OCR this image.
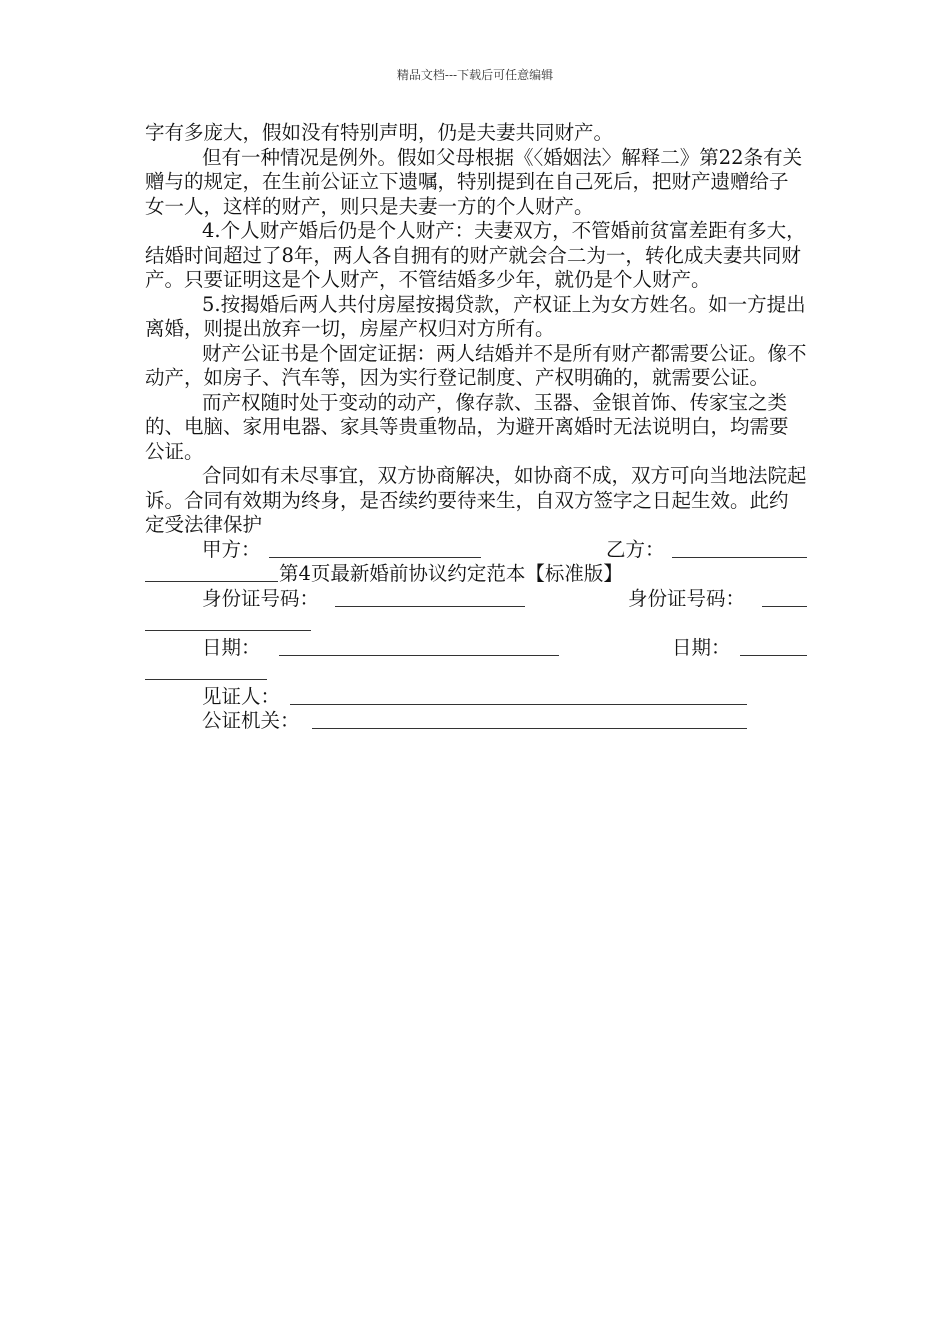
精品文档---下载后可任意编辑

字有多庞大，假如没有特别声明，仍是夫妻共同财产。

但有一种情况是例外。假如父母根据《〈婚姻法〉解释二》第22条有关赠与的规定，在生前公证立下遗嘱，特别提到在自己死后，把财产遗赠给子女一人，这样的财产，则只是夫妻一方的个人财产。

4.个人财产婚后仍是个人财产：夫妻双方，不管婚前贫富差距有多大，结婚时间超过了8年，两人各自拥有的财产就会合二为一，转化成夫妻共同财产。只要证明这是个人财产，不管结婚多少年，就仍是个人财产。

5.按揭婚后两人共付房屋按揭贷款，产权证上为女方姓名。如一方提出离婚，则提出放弃一切，房屋产权归对方所有。

财产公证书是个固定证据：两人结婚并不是所有财产都需要公证。像不动产，如房子、汽车等，因为实行登记制度、产权明确的，就需要公证。

而产权随时处于变动的动产，像存款、玉器、金银首饰、传家宝之类的、电脑、家用电器、家具等贵重物品，为避开离婚时无法说明白，均需要公证。

合同如有未尽事宜，双方协商解决，如协商不成，双方可向当地法院起诉。合同有效期为终身，是否续约要待来生，自双方签字之日起生效。此约定受法律保护

甲方：	乙方：
第4页最新婚前协议约定范本【标准版】
身份证号码：	身份证号码：
日期：	日期：
见证人：
公证机关：
